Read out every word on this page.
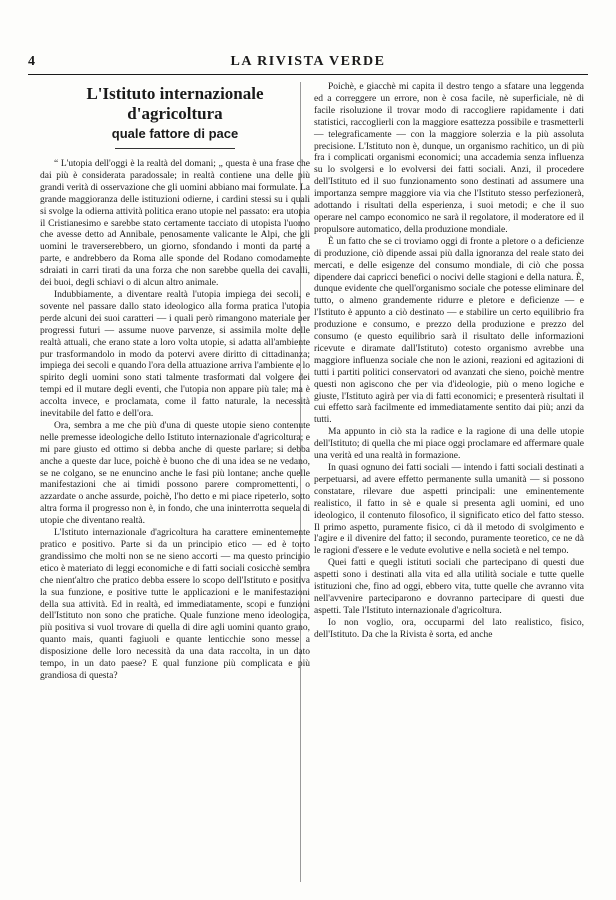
4	LA RIVISTA VERDE
L'Istituto internazionale d'agricoltura
quale fattore di pace

“ L'utopia dell'oggi è la realtà del domani; „ questa è una frase che dai più è considerata paradossale; in realtà contiene una delle più grandi verità di osservazione che gli uomini abbiano mai formulate. La grande maggioranza delle istituzioni odierne, i cardini stessi su i quali si svolge la odierna attività politica erano utopie nel passato: era utopia il Cristianesimo e sarebbe stato certamente tacciato di utopista l'uomo che avesse detto ad Annibale, penosamente valicante le Alpi, che gli uomini le traverserebbero, un giorno, sfondando i monti da parte a parte, e andrebbero da Roma alle sponde del Rodano comodamente sdraiati in carri tirati da una forza che non sarebbe quella dei cavalli, dei buoi, degli schiavi o di alcun altro animale.

Indubbiamente, a diventare realtà l'utopia impiega dei secoli, e sovente nel passare dallo stato ideologico alla forma pratica l'utopia perde alcuni dei suoi caratteri — i quali però rimangono materiale per progressi futuri — assume nuove parvenze, si assimila molte delle realtà attuali, che erano state a loro volta utopie, si adatta all'ambiente pur trasformandolo in modo da potervi avere diritto di cittadinanza; impiega dei secoli e quando l'ora della attuazione arriva l'ambiente e lo spirito degli uomini sono stati talmente trasformati dal volgere dei tempi ed il mutare degli eventi, che l'utopia non appare più tale; ma è accolta invece, e proclamata, come il fatto naturale, la necessità inevitabile del fatto e dell'ora.

Ora, sembra a me che più d'una di queste utopie sieno contenute nelle premesse ideologiche dello Istituto internazionale d'agricoltura; e mi pare giusto ed ottimo si debba anche di queste parlare; si debba anche a queste dar luce, poichè è buono che di una idea se ne vedano, se ne colgano, se ne enuncino anche le fasi più lontane; anche quelle manifestazioni che ai timidi possono parere compromettenti, o azzardate o anche assurde, poichè, l'ho detto e mi piace ripeterlo, sotto altra forma il progresso non è, in fondo, che una ininterrotta sequela di utopie che diventano realtà.

L'Istituto internazionale d'agricoltura ha carattere eminentemente pratico e positivo. Parte si da un principio etico — ed è torto grandissimo che molti non se ne sieno accorti — ma questo principio etico è materiato di leggi economiche e di fatti sociali cosicchè sembra che nient'altro che pratico debba essere lo scopo dell'Istituto e positiva la sua funzione, e positive tutte le applicazioni e le manifestazioni della sua attività. Ed in realtà, ed immediatamente, scopi e funzioni dell'Istituto non sono che pratiche. Quale funzione meno ideologica, più positiva si vuol trovare di quella di dire agli uomini quanto grano, quanto mais, quanti fagiuoli e quante lenticchie sono messe a disposizione delle loro necessità da una data raccolta, in un dato tempo, in un dato paese? E qual funzione più complicata e più grandiosa di questa?

Poichè, e giacchè mi capita il destro tengo a sfatare una leggenda ed a correggere un errore, non è cosa facile, nè superficiale, nè di facile risoluzione il trovar modo di raccogliere rapidamente i dati statistici, raccoglierli con la maggiore esattezza possibile e trasmetterli — telegraficamente — con la maggiore solerzia e la più assoluta precisione. L'Istituto non è, dunque, un organismo rachitico, un di più fra i complicati organismi economici; una accademia senza influenza su lo svolgersi e lo evolversi dei fatti sociali. Anzi, il procedere dell'Istituto ed il suo funzionamento sono destinati ad assumere una importanza sempre maggiore via via che l'Istituto stesso perfezionerà, adottando i risultati della esperienza, i suoi metodi; e che il suo operare nel campo economico ne sarà il regolatore, il moderatore ed il propulsore automatico, della produzione mondiale.

È un fatto che se ci troviamo oggi di fronte a pletore o a deficienze di produzione, ciò dipende assai più dalla ignoranza del reale stato dei mercati, e delle esigenze del consumo mondiale, di ciò che possa dipendere dai capricci benefici o nocivi delle stagioni e della natura. È, dunque evidente che quell'organismo sociale che potesse eliminare del tutto, o almeno grandemente ridurre e pletore e deficienze — e l'Istituto è appunto a ciò destinato — e stabilire un certo equilibrio fra produzione e consumo, e prezzo della produzione e prezzo del consumo (e questo equilibrio sarà il risultato delle informazioni ricevute e diramate dall'Istituto) cotesto organismo avrebbe una maggiore influenza sociale che non le azioni, reazioni ed agitazioni di tutti i partiti politici conservatori od avanzati che sieno, poichè mentre questi non agiscono che per via d'ideologie, più o meno logiche e giuste, l'Istituto agirà per via di fatti economici; e presenterà risultati il cui effetto sarà facilmente ed immediatamente sentito dai più; anzi da tutti.

Ma appunto in ciò sta la radice e la ragione di una delle utopie dell'Istituto; di quella che mi piace oggi proclamare ed affermare quale una verità ed una realtà in formazione.

In quasi ognuno dei fatti sociali — intendo i fatti sociali destinati a perpetuarsi, ad avere effetto permanente sulla umanità — si possono constatare, rilevare due aspetti principali: une eminentemente realistico, il fatto in sè e quale si presenta agli uomini, ed uno ideologico, il contenuto filosofico, il significato etico del fatto stesso. Il primo aspetto, puramente fisico, ci dà il metodo di svolgimento e l'agire e il divenire del fatto; il secondo, puramente teoretico, ce ne dà le ragioni d'essere e le vedute evolutive e nella società e nel tempo.

Quei fatti e quegli istituti sociali che partecipano di questi due aspetti sono i destinati alla vita ed alla utilità sociale e tutte quelle istituzioni che, fino ad oggi, ebbero vita, tutte quelle che avranno vita nell'avvenire parteciparono e dovranno partecipare di questi due aspetti. Tale l'Istituto internazionale d'agricoltura.

Io non voglio, ora, occuparmi del lato realistico, fisico, dell'Istituto. Da che la Rivista è sorta, ed anche
